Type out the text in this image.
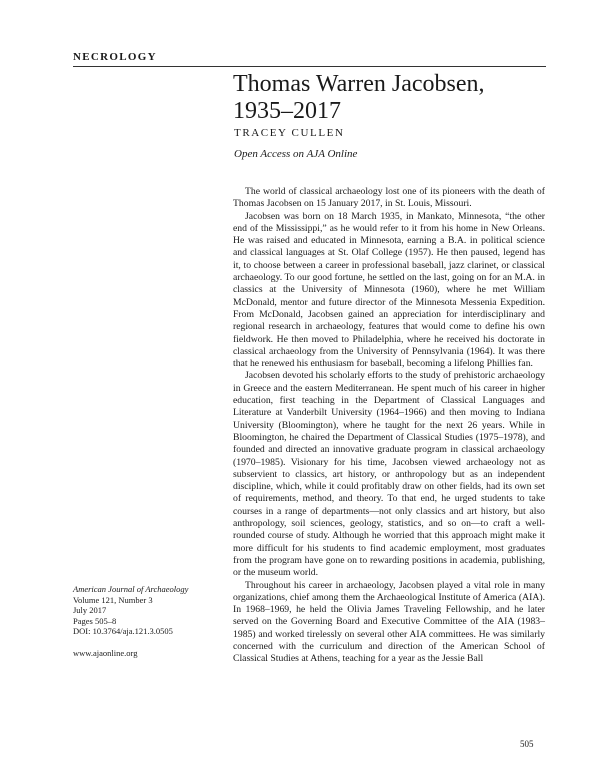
NECROLOGY
Thomas Warren Jacobsen,
1935–2017
TRACEY CULLEN
Open Access on AJA Online

The world of classical archaeology lost one of its pioneers with the death of Thomas Jacobsen on 15 January 2017, in St. Louis, Missouri.

Jacobsen was born on 18 March 1935, in Mankato, Minnesota, “the other end of the Mississippi,” as he would refer to it from his home in New Orleans. He was raised and educated in Minnesota, earning a B.A. in political science and classical languages at St. Olaf College (1957). He then paused, legend has it, to choose between a career in professional baseball, jazz clarinet, or classical archaeology. To our good fortune, he settled on the last, going on for an M.A. in classics at the University of Minnesota (1960), where he met William McDonald, mentor and future director of the Minnesota Messenia Expedition. From McDonald, Jacobsen gained an appreciation for interdisciplinary and regional research in archaeology, features that would come to define his own fieldwork. He then moved to Philadelphia, where he received his doctorate in classical archaeology from the University of Pennsylvania (1964). It was there that he renewed his enthusiasm for baseball, becoming a lifelong Phillies fan.

Jacobsen devoted his scholarly efforts to the study of prehistoric archaeology in Greece and the eastern Mediterranean. He spent much of his career in higher education, first teaching in the Department of Classical Languages and Literature at Vanderbilt University (1964–1966) and then moving to Indiana University (Bloomington), where he taught for the next 26 years. While in Bloomington, he chaired the Department of Classical Studies (1975–1978), and founded and directed an innovative graduate program in classical archaeology (1970–1985). Visionary for his time, Jacobsen viewed archaeology not as subservient to classics, art history, or anthropology but as an independent discipline, which, while it could profitably draw on other fields, had its own set of requirements, method, and theory. To that end, he urged students to take courses in a range of departments—not only classics and art history, but also anthropology, soil sciences, geology, statistics, and so on—to craft a well-rounded course of study. Although he worried that this approach might make it more difficult for his students to find academic employment, most graduates from the program have gone on to rewarding positions in academia, publishing, or the museum world.

Throughout his career in archaeology, Jacobsen played a vital role in many organizations, chief among them the Archaeological Institute of America (AIA). In 1968–1969, he held the Olivia James Traveling Fellowship, and he later served on the Governing Board and Executive Committee of the AIA (1983–1985) and worked tirelessly on several other AIA committees. He was similarly concerned with the curriculum and direction of the American School of Classical Studies at Athens, teaching for a year as the Jessie Ball

American Journal of Archaeology
Volume 121, Number 3
July 2017
Pages 505–8
DOI: 10.3764/aja.121.3.0505
www.ajaonline.org
505
